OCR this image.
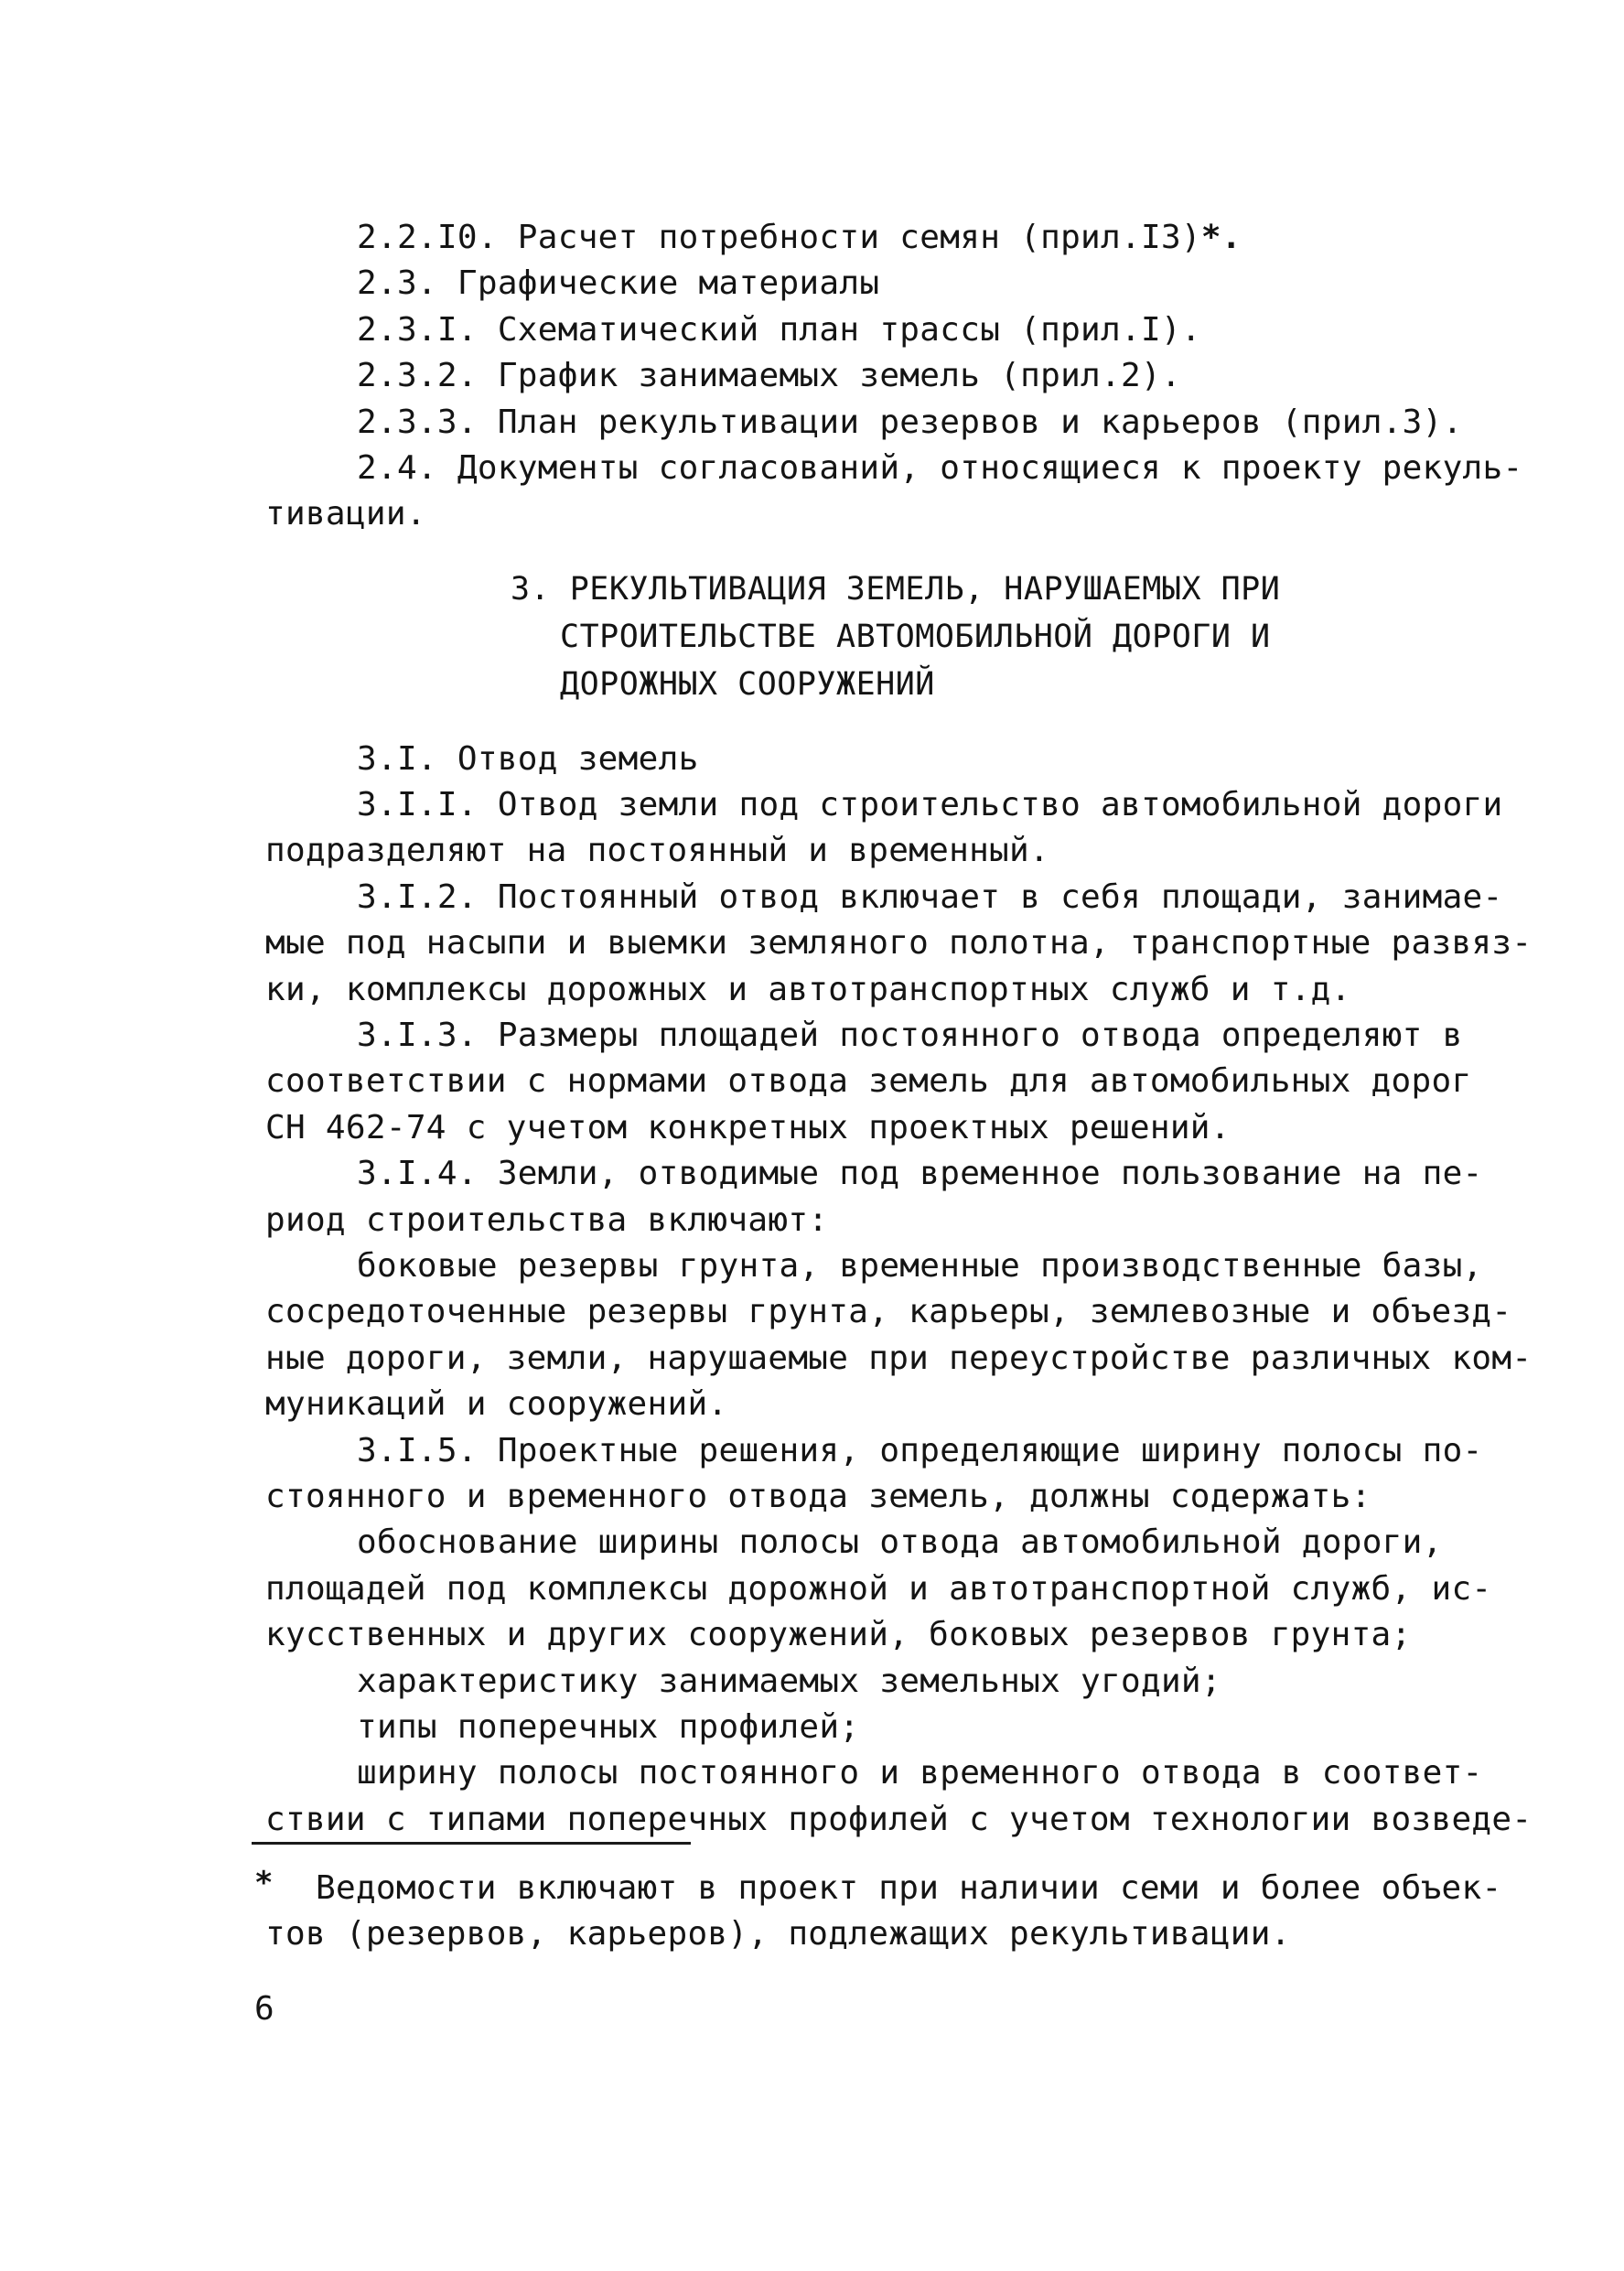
2.2.I0. Расчет потребности семян (прил.I3)*.
2.3. Графические материалы
2.3.I. Схематический план трассы (прил.I).
2.3.2. График занимаемых земель (прил.2).
2.3.3. План рекультивации резервов и карьеров (прил.3).
2.4. Документы согласований, относящиеся к проекту рекуль-
тивации.
3. РЕКУЛЬТИВАЦИЯ ЗЕМЕЛЬ, НАРУШАЕМЫХ ПРИ
СТРОИТЕЛЬСТВЕ АВТОМОБИЛЬНОЙ ДОРОГИ И
ДОРОЖНЫХ СООРУЖЕНИЙ
3.I. Отвод земель
3.I.I. Отвод земли под строительство автомобильной дороги
подразделяют на постоянный и временный.
3.I.2. Постоянный отвод включает в себя площади, занимае-
мые под насыпи и выемки земляного полотна, транспортные развяз-
ки, комплексы дорожных и автотранспортных служб и т.д.
3.I.3. Размеры площадей постоянного отвода определяют в
соответствии с нормами отвода земель для автомобильных дорог
СН 462-74 с учетом конкретных проектных решений.
3.I.4. Земли, отводимые под временное пользование на пе-
риод строительства включают:
боковые резервы грунта, временные производственные базы,
сосредоточенные резервы грунта, карьеры, землевозные и объезд-
ные дороги, земли, нарушаемые при переустройстве различных ком-
муникаций и сооружений.
3.I.5. Проектные решения, определяющие ширину полосы по-
стоянного и временного отвода земель, должны содержать:
обоснование ширины полосы отвода автомобильной дороги,
площадей под комплексы дорожной и автотранспортной служб, ис-
кусственных и других сооружений, боковых резервов грунта;
характеристику занимаемых земельных угодий;
типы поперечных профилей;
ширину полосы постоянного и временного отвода в соответ-
ствии с типами поперечных профилей с учетом технологии возведе-
* Ведомости включают в проект при наличии семи и более объек-
тов (резервов, карьеров), подлежащих рекультивации.
6
